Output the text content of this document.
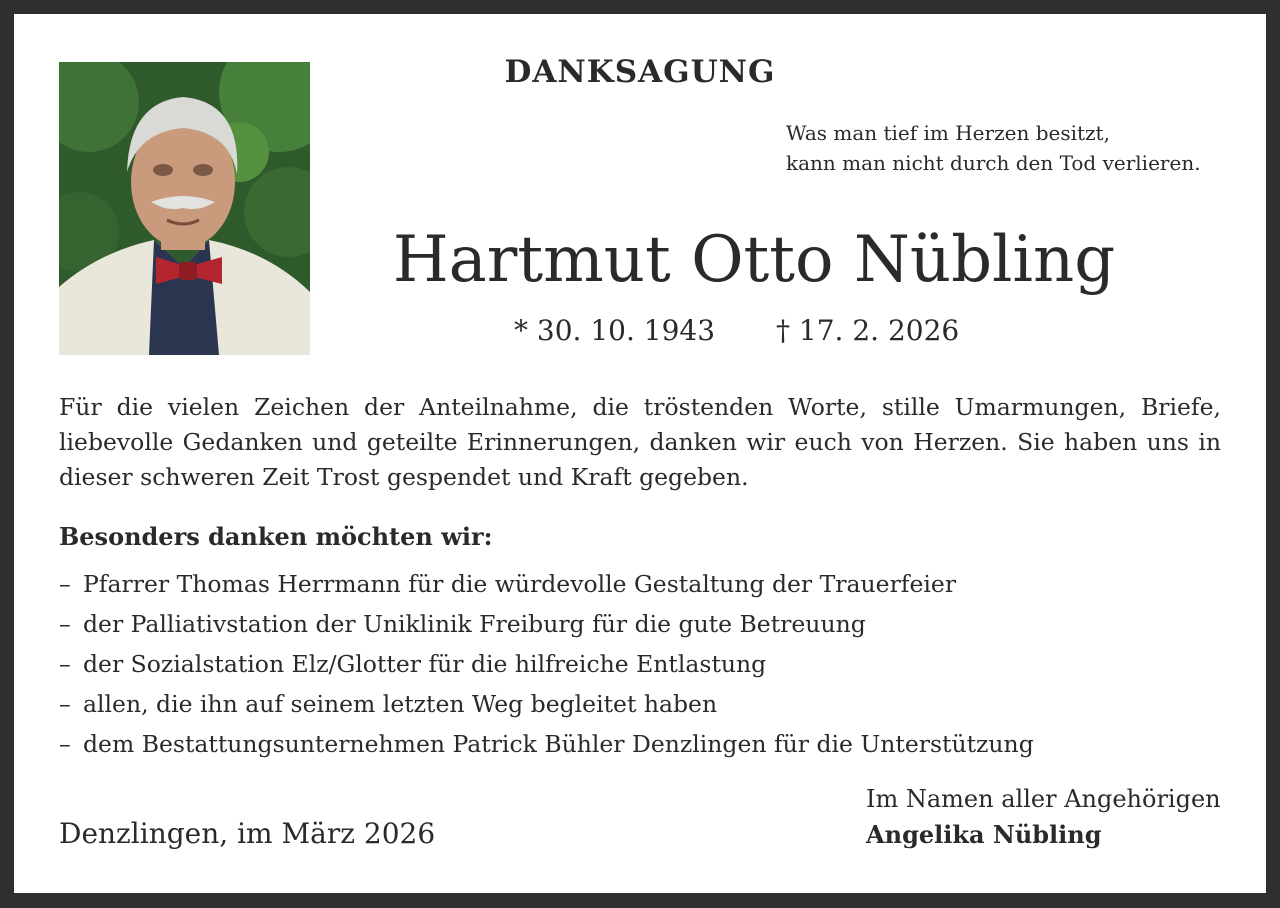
DANKSAGUNG
Was man tief im Herzen besitzt,
kann man nicht durch den Tod verlieren.
Hartmut Otto Nübling
* 30. 10. 1943 † 17. 2. 2026
Für die vielen Zeichen der Anteilnahme, die tröstenden Worte, stille Umarmungen, Briefe, liebevolle Gedanken und geteilte Erinnerungen, danken wir euch von Herzen. Sie haben uns in dieser schweren Zeit Trost gespendet und Kraft gegeben.
Besonders danken möchten wir:
– Pfarrer Thomas Herrmann für die würdevolle Gestaltung der Trauerfeier
– der Palliativstation der Uniklinik Freiburg für die gute Betreuung
– der Sozialstation Elz/Glotter für die hilfreiche Entlastung
– allen, die ihn auf seinem letzten Weg begleitet haben
– dem Bestattungsunternehmen Patrick Bühler Denzlingen für die Unterstützung
Denzlingen, im März 2026
Im Namen aller Angehörigen
Angelika Nübling
